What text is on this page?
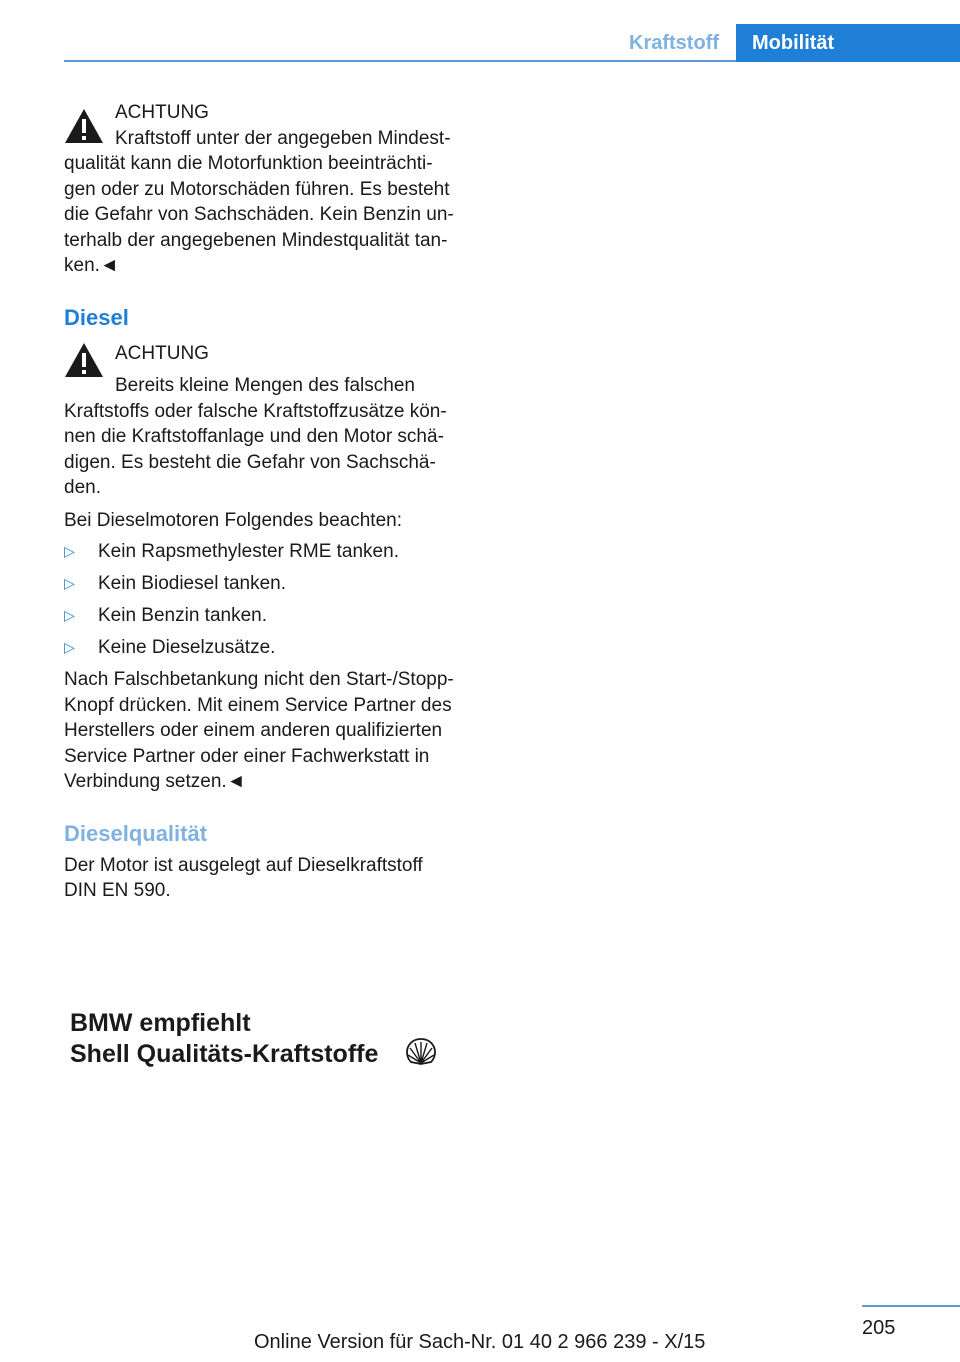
Kraftstoff	Mobilität
ACHTUNG
Kraftstoff unter der angegeben Mindest-
qualität kann die Motorfunktion beeinträchti-
gen oder zu Motorschäden führen. Es besteht
die Gefahr von Sachschäden. Kein Benzin un-
terhalb der angegebenen Mindestqualität tan-
ken.◄
Diesel
ACHTUNG
Bereits kleine Mengen des falschen
Kraftstoffs oder falsche Kraftstoffzusätze kön-
nen die Kraftstoffanlage und den Motor schä-
digen. Es besteht die Gefahr von Sachschä-
den.

Bei Dieselmotoren Folgendes beachten:

▷	Kein Rapsmethylester RME tanken.
▷	Kein Biodiesel tanken.
▷	Kein Benzin tanken.
▷	Keine Dieselzusätze.
Nach Falschbetankung nicht den Start-/Stopp-
Knopf drücken. Mit einem Service Partner des
Herstellers oder einem anderen qualifizierten
Service Partner oder einer Fachwerkstatt in
Verbindung setzen.◄
Dieselqualität
Der Motor ist ausgelegt auf Dieselkraftstoff
DIN EN 590.
BMW empfiehlt
Shell Qualitäts-Kraftstoffe
205
Online Version für Sach-Nr. 01 40 2 966 239 - X/15
